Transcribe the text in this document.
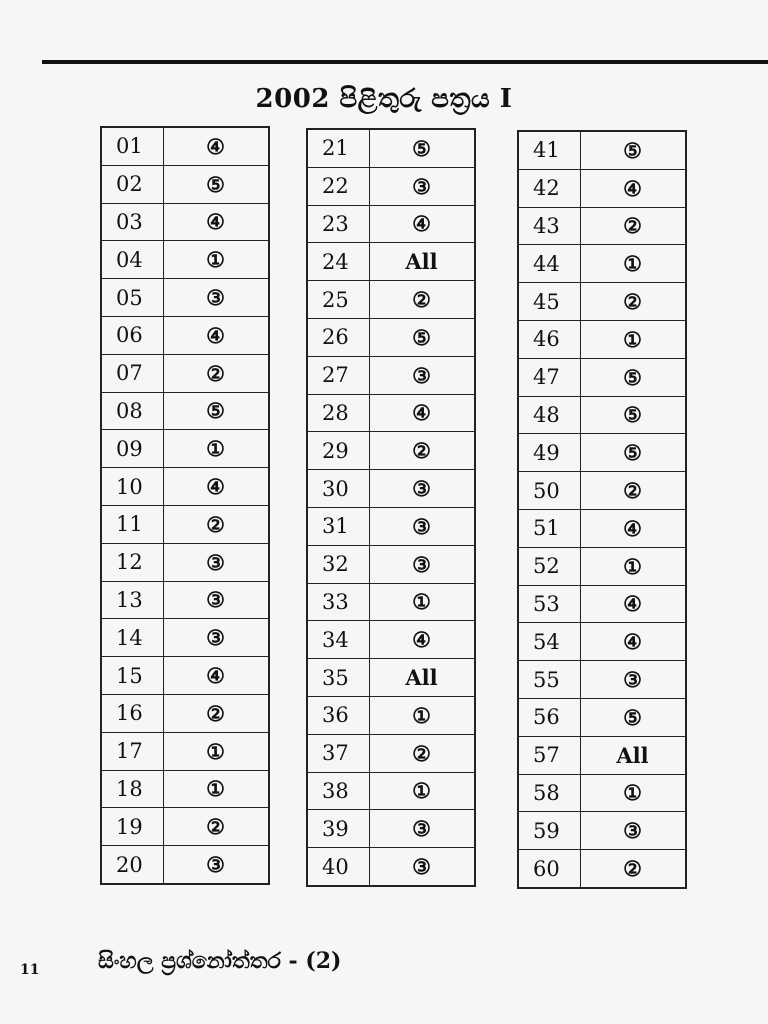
2002 පිළිතුරු පත්‍රය I
01	④
02	⑤
03	④
04	①
05	③
06	④
07	②
08	⑤
09	①
10	④
11	②
12	③
13	③
14	③
15	④
16	②
17	①
18	①
19	②
20	③
21	⑤
22	③
23	④
24	All
25	②
26	⑤
27	③
28	④
29	②
30	③
31	③
32	③
33	①
34	④
35	All
36	①
37	②
38	①
39	③
40	③
41	⑤
42	④
43	②
44	①
45	②
46	①
47	⑤
48	⑤
49	⑤
50	②
51	④
52	①
53	④
54	④
55	③
56	⑤
57	All
58	①
59	③
60	②
11	සිංහල ප්‍රශ්නෝත්තර - (2)
